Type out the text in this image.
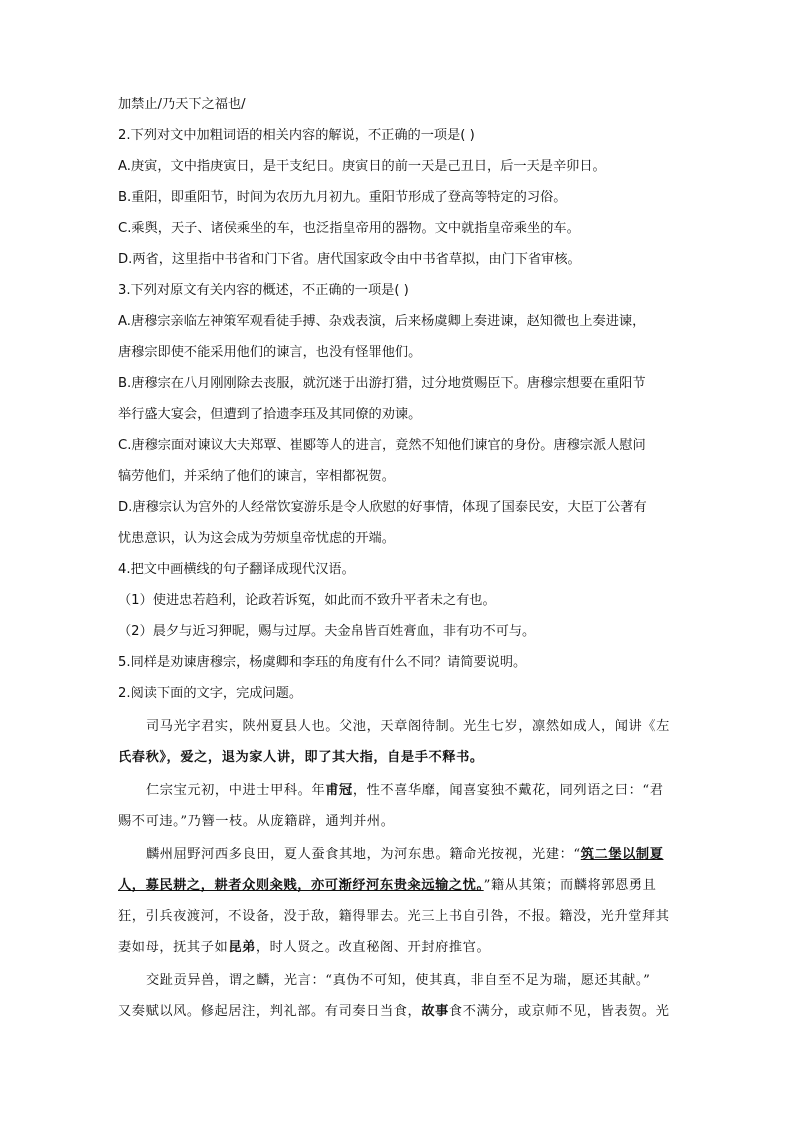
加禁止/乃天下之福也/

2.下列对文中加粗词语的相关内容的解说，不正确的一项是( )

A.庚寅，文中指庚寅日，是干支纪日。庚寅日的前一天是己丑日，后一天是辛卯日。

B.重阳，即重阳节，时间为农历九月初九。重阳节形成了登高等特定的习俗。

C.乘舆，天子、诸侯乘坐的车，也泛指皇帝用的器物。文中就指皇帝乘坐的车。

D.两省，这里指中书省和门下省。唐代国家政令由中书省草拟，由门下省审核。

3.下列对原文有关内容的概述，不正确的一项是( )

A.唐穆宗亲临左神策军观看徒手搏、杂戏表演，后来杨虞卿上奏进谏，赵知微也上奏进谏，

唐穆宗即使不能采用他们的谏言，也没有怪罪他们。

B.唐穆宗在八月刚刚除去丧服，就沉迷于出游打猎，过分地赏赐臣下。唐穆宗想要在重阳节

举行盛大宴会，但遭到了拾遗李珏及其同僚的劝谏。

C.唐穆宗面对谏议大夫郑覃、崔郾等人的进言，竟然不知他们谏官的身份。唐穆宗派人慰问

犒劳他们，并采纳了他们的谏言，宰相都祝贺。

D.唐穆宗认为宫外的人经常饮宴游乐是令人欣慰的好事情，体现了国泰民安，大臣丁公著有

忧患意识，认为这会成为劳烦皇帝忧虑的开端。

4.把文中画横线的句子翻译成现代汉语。

（1）使进忠若趋利，论政若诉冤，如此而不致升平者未之有也。

（2）晨夕与近习狎昵，赐与过厚。夫金帛皆百姓膏血，非有功不可与。

5.同样是劝谏唐穆宗，杨虞卿和李珏的角度有什么不同？请简要说明。

2.阅读下面的文字，完成问题。

司马光字君实，陕州夏县人也。父池，天章阁待制。光生七岁，凛然如成人，闻讲《左

氏春秋》，爱之，退为家人讲，即了其大指，自是手不释书。

仁宗宝元初，中进士甲科。年甫冠，性不喜华靡，闻喜宴独不戴花，同列语之曰：“君

赐不可违。”乃簪一枝。从庞籍辟，通判并州。

麟州屈野河西多良田，夏人蚕食其地，为河东患。籍命光按视，光建：“筑二堡以制夏

人，募民耕之，耕者众则籴贱，亦可渐纾河东贵籴远输之忧。”籍从其策；而麟将郭恩勇且

狂，引兵夜渡河，不设备，没于敌，籍得罪去。光三上书自引咎，不报。籍没，光升堂拜其

妻如母，抚其子如昆弟，时人贤之。改直秘阁、开封府推官。

交趾贡异兽，谓之麟，光言：“真伪不可知，使其真，非自至不足为瑞，愿还其献。”

又奏赋以风。修起居注，判礼部。有司奏日当食，故事食不满分，或京师不见，皆表贺。光
